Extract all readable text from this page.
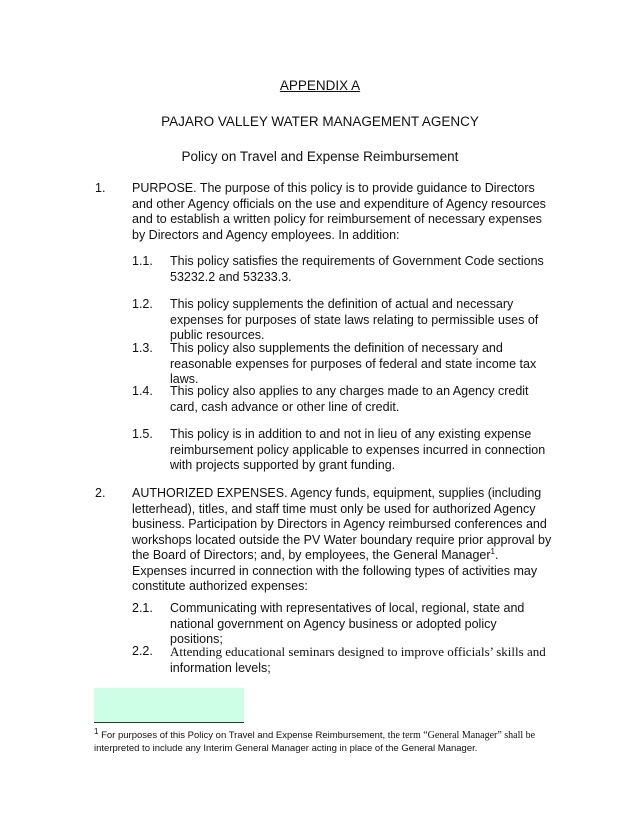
APPENDIX A
PAJARO VALLEY WATER MANAGEMENT AGENCY
Policy on Travel and Expense Reimbursement
1. PURPOSE. The purpose of this policy is to provide guidance to Directors and other Agency officials on the use and expenditure of Agency resources and to establish a written policy for reimbursement of necessary expenses by Directors and Agency employees. In addition:
1.1. This policy satisfies the requirements of Government Code sections 53232.2 and 53233.3.
1.2. This policy supplements the definition of actual and necessary expenses for purposes of state laws relating to permissible uses of public resources.
1.3. This policy also supplements the definition of necessary and reasonable expenses for purposes of federal and state income tax laws.
1.4. This policy also applies to any charges made to an Agency credit card, cash advance or other line of credit.
1.5. This policy is in addition to and not in lieu of any existing expense reimbursement policy applicable to expenses incurred in connection with projects supported by grant funding.
2. AUTHORIZED EXPENSES. Agency funds, equipment, supplies (including letterhead), titles, and staff time must only be used for authorized Agency business. Participation by Directors in Agency reimbursed conferences and workshops located outside the PV Water boundary require prior approval by the Board of Directors; and, by employees, the General Manager$^1$. Expenses incurred in connection with the following types of activities may constitute authorized expenses:
2.1. Communicating with representatives of local, regional, state and national government on Agency business or adopted policy positions;
2.2. Attending educational seminars designed to improve officials’ skills and
information levels;
$^1$ For purposes of this Policy on Travel and Expense Reimbursement, the term “General Manager” shall be
interpreted to include any Interim General Manager acting in place of the General Manager.
